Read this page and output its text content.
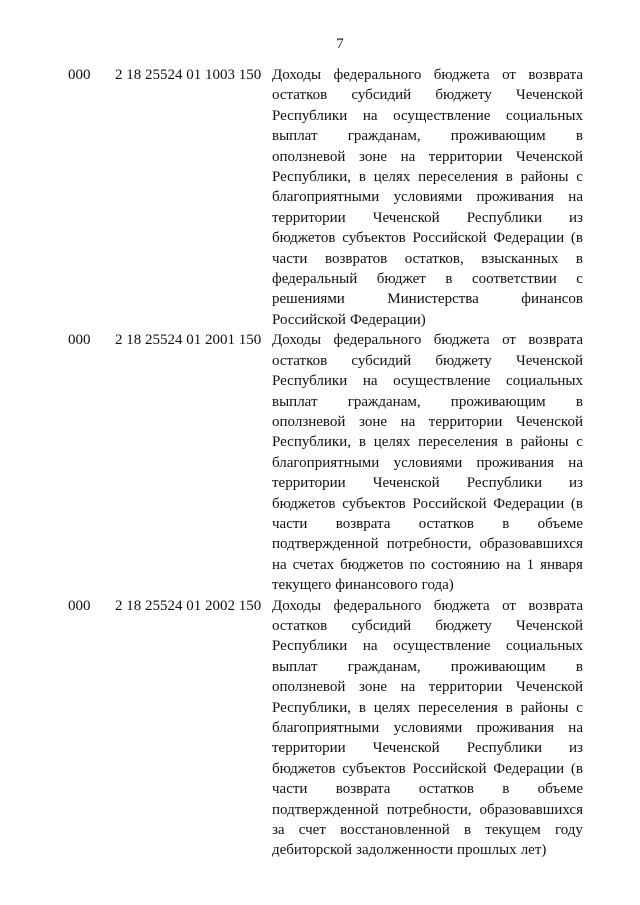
7
000 2 18 25524 01 1003 150 Доходы федерального бюджета от возврата
остатков субсидий бюджету Чеченской
Республики на осуществление социальных
выплат гражданам, проживающим в
оползневой зоне на территории Чеченской
Республики, в целях переселения в районы с
благоприятными условиями проживания на
территории Чеченской Республики из
бюджетов субъектов Российской Федерации (в
части возвратов остатков, взысканных в
федеральный бюджет в соответствии с
решениями	Министерства	финансов
Российской Федерации)
000 2 18 25524 01 2001 150 Доходы федерального бюджета от возврата
остатков субсидий бюджету Чеченской
Республики на осуществление социальных
выплат гражданам, проживающим в
оползневой зоне на территории Чеченской
Республики, в целях переселения в районы с
благоприятными условиями проживания на
территории Чеченской Республики из
бюджетов субъектов Российской Федерации (в
части возврата остатков в объеме
подтвержденной потребности, образовавшихся
на счетах бюджетов по состоянию на 1 января
текущего финансового года)
000 2 18 25524 01 2002 150 Доходы федерального бюджета от возврата
остатков субсидий бюджету Чеченской
Республики на осуществление социальных
выплат гражданам, проживающим в
оползневой зоне на территории Чеченской
Республики, в целях переселения в районы с
благоприятными условиями проживания на
территории Чеченской Республики из
бюджетов субъектов Российской Федерации (в
части возврата остатков в объеме
подтвержденной потребности, образовавшихся
за счет восстановленной в текущем году
дебиторской задолженности прошлых лет)
